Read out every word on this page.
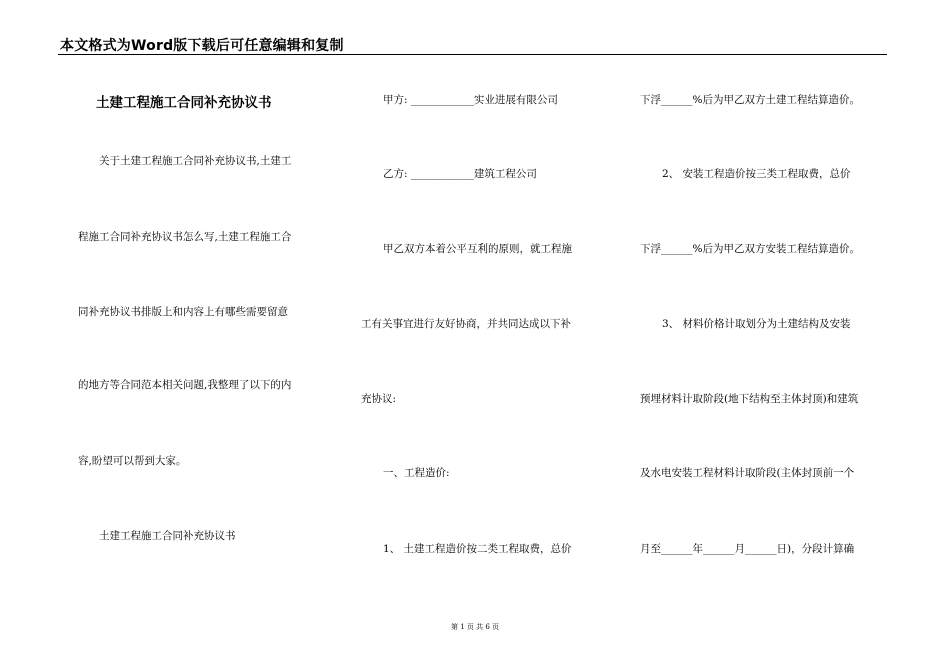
本文格式为Word版下载后可任意编辑和复制
土建工程施工合同补充协议书
关于土建工程施工合同补充协议书,土建工
程施工合同补充协议书怎么写,土建工程施工合
同补充协议书排版上和内容上有哪些需要留意
的地方等合同范本相关问题,我整理了以下的内
容,盼望可以帮到大家。
土建工程施工合同补充协议书
甲方: ____________实业进展有限公司
乙方: ____________建筑工程公司
甲乙双方本着公平互利的原则，就工程施
工有关事宜进行友好协商，并共同达成以下补
充协议:
一、工程造价:
1、 土建工程造价按二类工程取费，总价
下浮______%后为甲乙双方土建工程结算造价。
2、 安装工程造价按三类工程取费，总价
下浮______%后为甲乙双方安装工程结算造价。
3、 材料价格计取划分为土建结构及安装
预埋材料计取阶段(地下结构至主体封顶)和建筑
及水电安装工程材料计取阶段(主体封顶前一个
月至______年______月______日)，分段计算确
第 1 页 共 6 页
